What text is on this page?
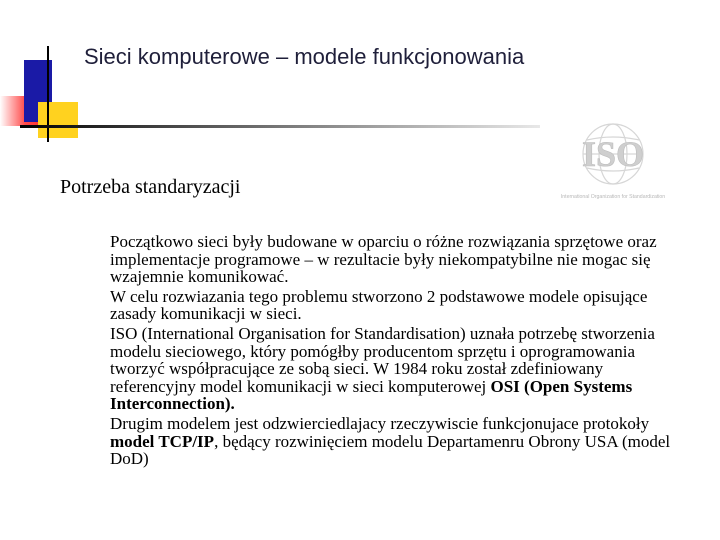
Sieci komputerowe – modele funkcjonowania
Potrzeba standaryzacji
ISO
International Organization for Standardization

Początkowo sieci były budowane w oparciu o różne rozwiązania sprzętowe oraz implementacje programowe – w rezultacie były niekompatybilne nie mogac się wzajemnie komunikować.

W celu rozwiazania tego problemu stworzono 2 podstawowe modele opisujące zasady komunikacji w sieci.

ISO (International Organisation for Standardisation) uznała potrzebę stworzenia modelu sieciowego, który pomógłby producentom sprzętu i oprogramowania tworzyć współpracujące ze sobą sieci. W 1984 roku został zdefiniowany referencyjny model komunikacji w sieci komputerowej OSI (Open Systems Interconnection).

Drugim modelem jest odzwierciedlajacy rzeczywiscie funkcjonujace protokoły model TCP/IP, będący rozwinięciem modelu Departamenru Obrony USA (model DoD)
